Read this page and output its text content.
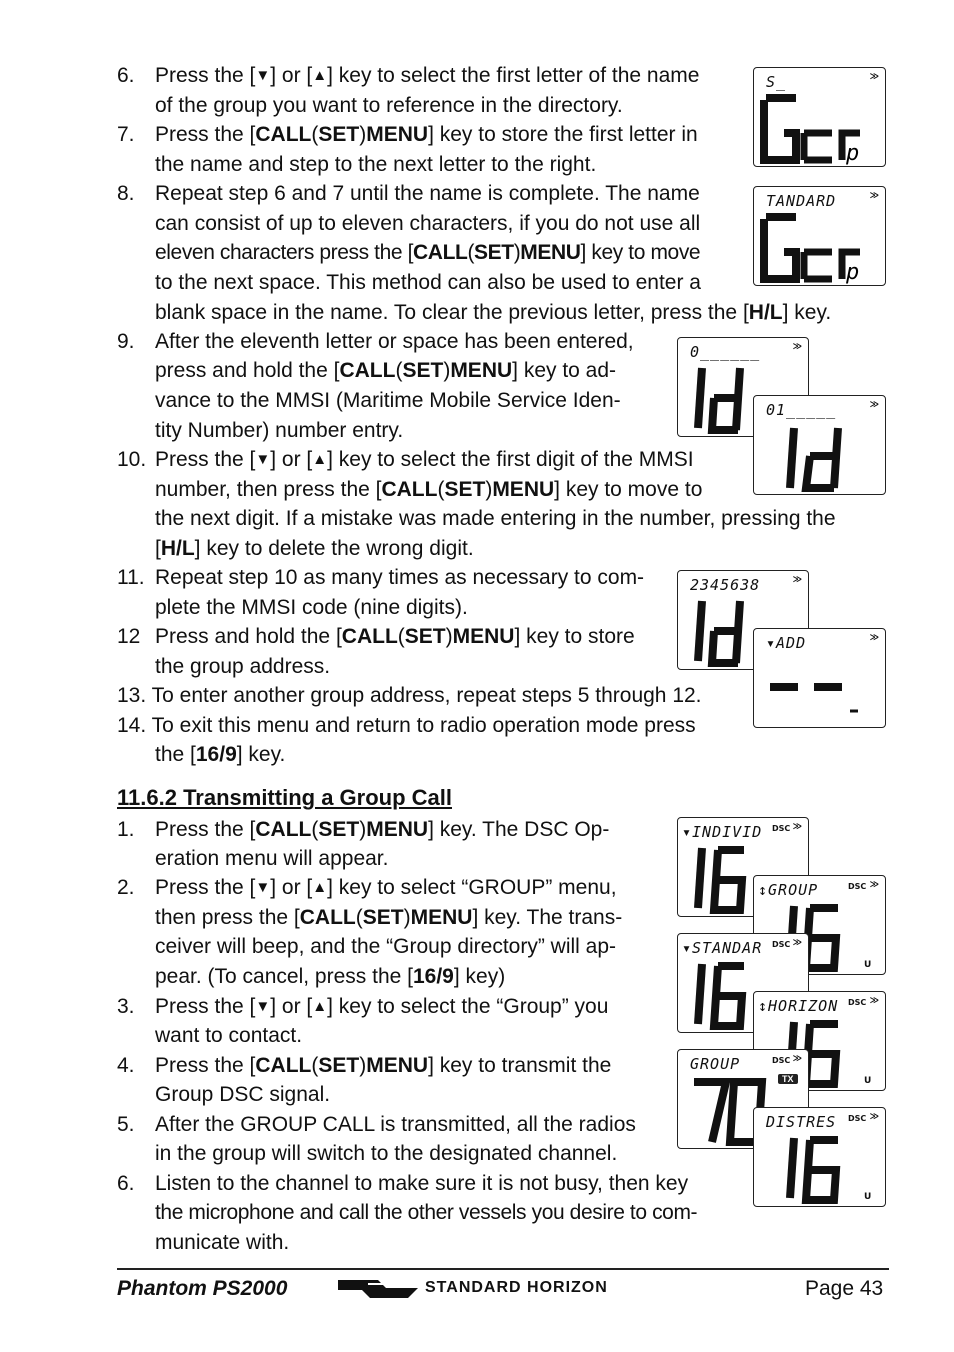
6. Press the [▼] or [▲] key to select the first letter of the name
of the group you want to reference in the directory.
7. Press the [CALL(SET)MENU] key to store the first letter in
the name and step to the next letter to the right.
8. Repeat step 6 and 7 until the name is complete. The name
can consist of up to eleven characters, if you do not use all
eleven characters press the [CALL(SET)MENU] key to move
to the next space. This method can also be used to enter a
blank space in the name. To clear the previous letter, press the [H/L] key.
9. After the eleventh letter or space has been entered,
press and hold the [CALL(SET)MENU] key to ad-
vance to the MMSI (Maritime Mobile Service Iden-
tity Number) number entry.
10. Press the [▼] or [▲] key to select the first digit of the MMSI
number, then press the [CALL(SET)MENU] key to move to
the next digit. If a mistake was made entering in the number, pressing the
[H/L] key to delete the wrong digit.
11. Repeat step 10 as many times as necessary to com-
plete the MMSI code (nine digits).
12 Press and hold the [CALL(SET)MENU] key to store
the group address.
13. To enter another group address, repeat steps 5 through 12.
14. To exit this menu and return to radio operation mode press
the [16/9] key.
11.6.2 Transmitting a Group Call
1. Press the [CALL(SET)MENU] key. The DSC Op-
eration menu will appear.
2. Press the [▼] or [▲] key to select “GROUP” menu,
then press the [CALL(SET)MENU] key. The trans-
ceiver will beep, and the “Group directory” will ap-
pear. (To cancel, press the [16/9] key)
3. Press the [▼] or [▲] key to select the “Group” you
want to contact.
4. Press the [CALL(SET)MENU] key to transmit the
Group DSC signal.
5. After the GROUP CALL is transmitted, all the radios
in the group will switch to the designated channel.
6. Listen to the channel to make sure it is not busy, then key
the microphone and call the other vessels you desire to com-
municate with.
S_	≫
p
TANDARD	≫
p
0______	≫
01_____	≫
2345638	≫
▾ADD	≫
▾INDIVID DSC ≫
↕GROUP	DSC ≫
U
▾STANDAR DSC ≫
↕HORIZON DSC ≫
U
GROUP	DSC ≫
TX
DISTRES DSC ≫
U
Phantom PS2000	STANDARD HORIZON	Page 43
